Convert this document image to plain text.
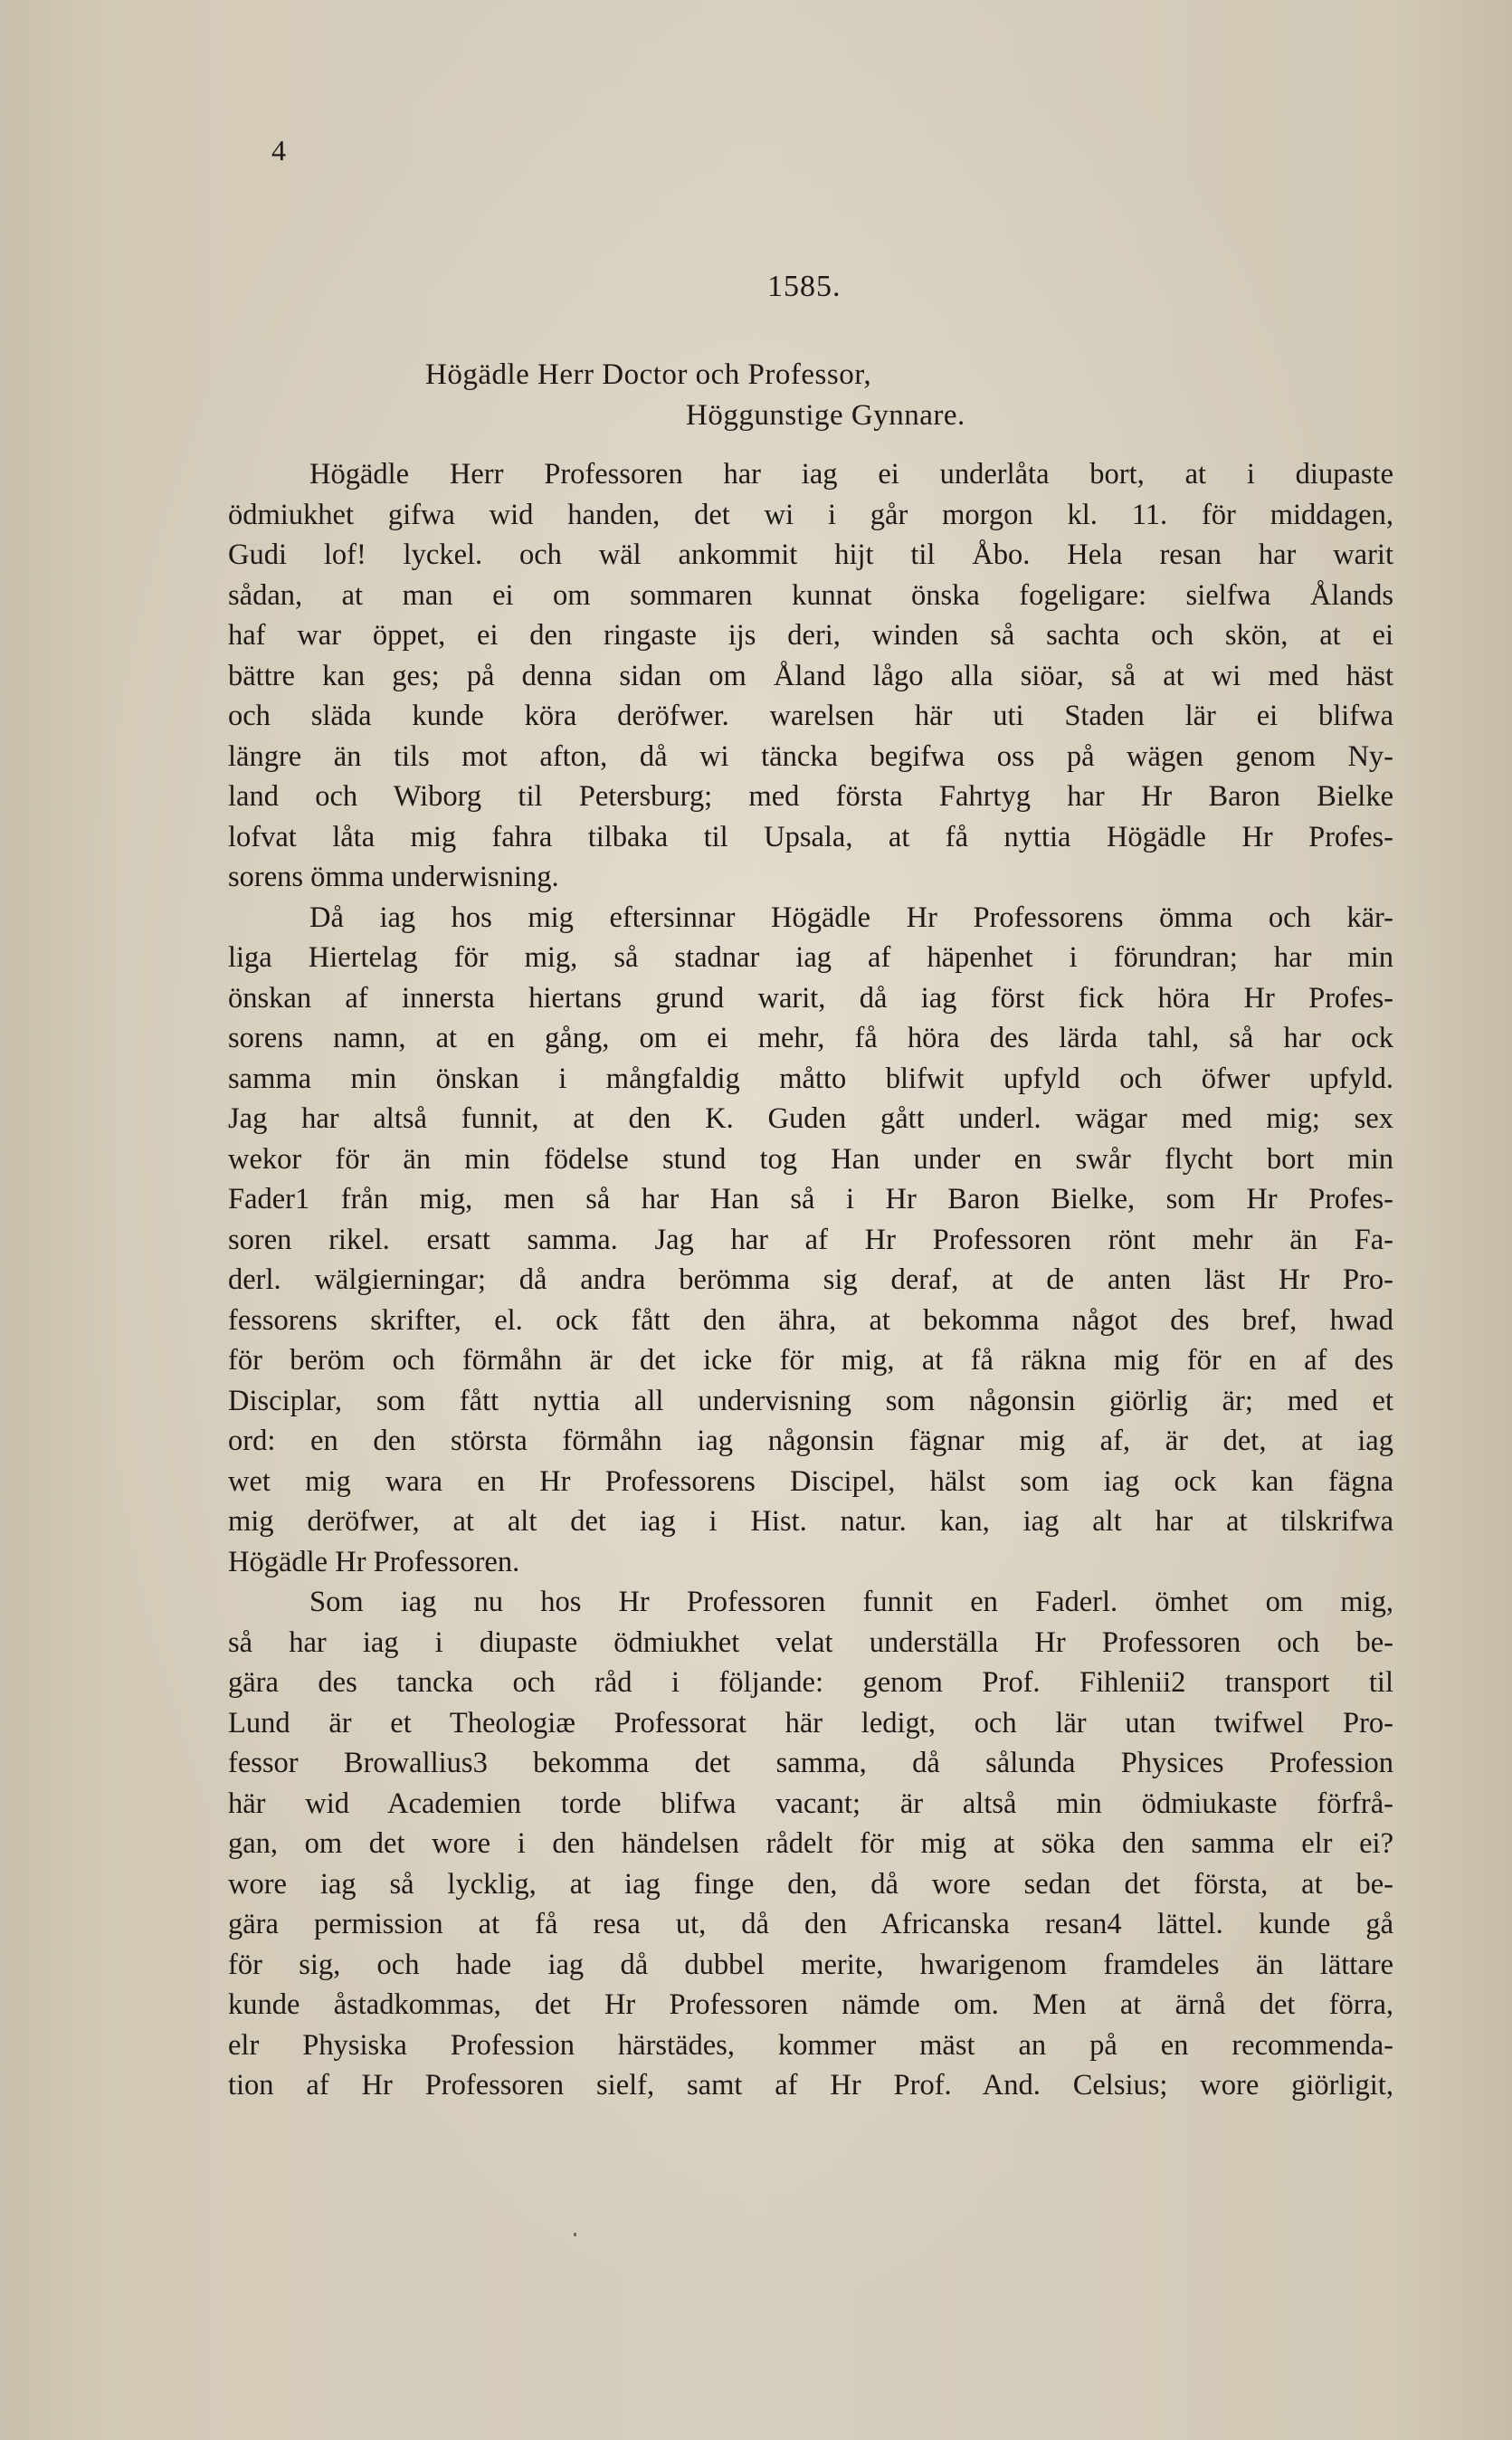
4
1585.
Högädle Herr Doctor och Professor,
Höggunstige Gynnare.
Högädle Herr Professoren har iag ei underlåta bort, at i diupaste
ödmiukhet gifwa wid handen, det wi i går morgon kl. 11. för middagen,
Gudi lof! lyckel. och wäl ankommit hijt til Åbo. Hela resan har warit
sådan, at man ei om sommaren kunnat önska fogeligare: sielfwa Ålands
haf war öppet, ei den ringaste ijs deri, winden så sachta och skön, at ei
bättre kan ges; på denna sidan om Åland lågo alla siöar, så at wi med häst
och släda kunde köra deröfwer. warelsen här uti Staden lär ei blifwa
längre än tils mot afton, då wi täncka begifwa oss på wägen genom Ny-
land och Wiborg til Petersburg; med första Fahrtyg har Hr Baron Bielke
lofvat låta mig fahra tilbaka til Upsala, at få nyttia Högädle Hr Profes-
sorens ömma underwisning.
Då iag hos mig eftersinnar Högädle Hr Professorens ömma och kär-
liga Hiertelag för mig, så stadnar iag af häpenhet i förundran; har min
önskan af innersta hiertans grund warit, då iag först fick höra Hr Profes-
sorens namn, at en gång, om ei mehr, få höra des lärda tahl, så har ock
samma min önskan i mångfaldig måtto blifwit upfyld och öfwer upfyld.
Jag har altså funnit, at den K. Guden gått underl. wägar med mig; sex
wekor för än min födelse stund tog Han under en swår flycht bort min
Fader1 från mig, men så har Han så i Hr Baron Bielke, som Hr Profes-
soren rikel. ersatt samma. Jag har af Hr Professoren rönt mehr än Fa-
derl. wälgierningar; då andra berömma sig deraf, at de anten läst Hr Pro-
fessorens skrifter, el. ock fått den ähra, at bekomma något des bref, hwad
för beröm och förmåhn är det icke för mig, at få räkna mig för en af des
Disciplar, som fått nyttia all undervisning som någonsin giörlig är; med et
ord: en den största förmåhn iag någonsin fägnar mig af, är det, at iag
wet mig wara en Hr Professorens Discipel, hälst som iag ock kan fägna
mig deröfwer, at alt det iag i Hist. natur. kan, iag alt har at tilskrifwa
Högädle Hr Professoren.
Som iag nu hos Hr Professoren funnit en Faderl. ömhet om mig,
så har iag i diupaste ödmiukhet velat underställa Hr Professoren och be-
gära des tancka och råd i följande: genom Prof. Fihlenii2 transport til
Lund är et Theologiæ Professorat här ledigt, och lär utan twifwel Pro-
fessor Browallius3 bekomma det samma, då sålunda Physices Profession
här wid Academien torde blifwa vacant; är altså min ödmiukaste förfrå-
gan, om det wore i den händelsen rådelt för mig at söka den samma elr ei?
wore iag så lycklig, at iag finge den, då wore sedan det första, at be-
gära permission at få resa ut, då den Africanska resan4 lättel. kunde gå
för sig, och hade iag då dubbel merite, hwarigenom framdeles än lättare
kunde åstadkommas, det Hr Professoren nämde om. Men at ärnå det förra,
elr Physiska Profession härstädes, kommer mäst an på en recommenda-
tion af Hr Professoren sielf, samt af Hr Prof. And. Celsius; wore giörligit,
